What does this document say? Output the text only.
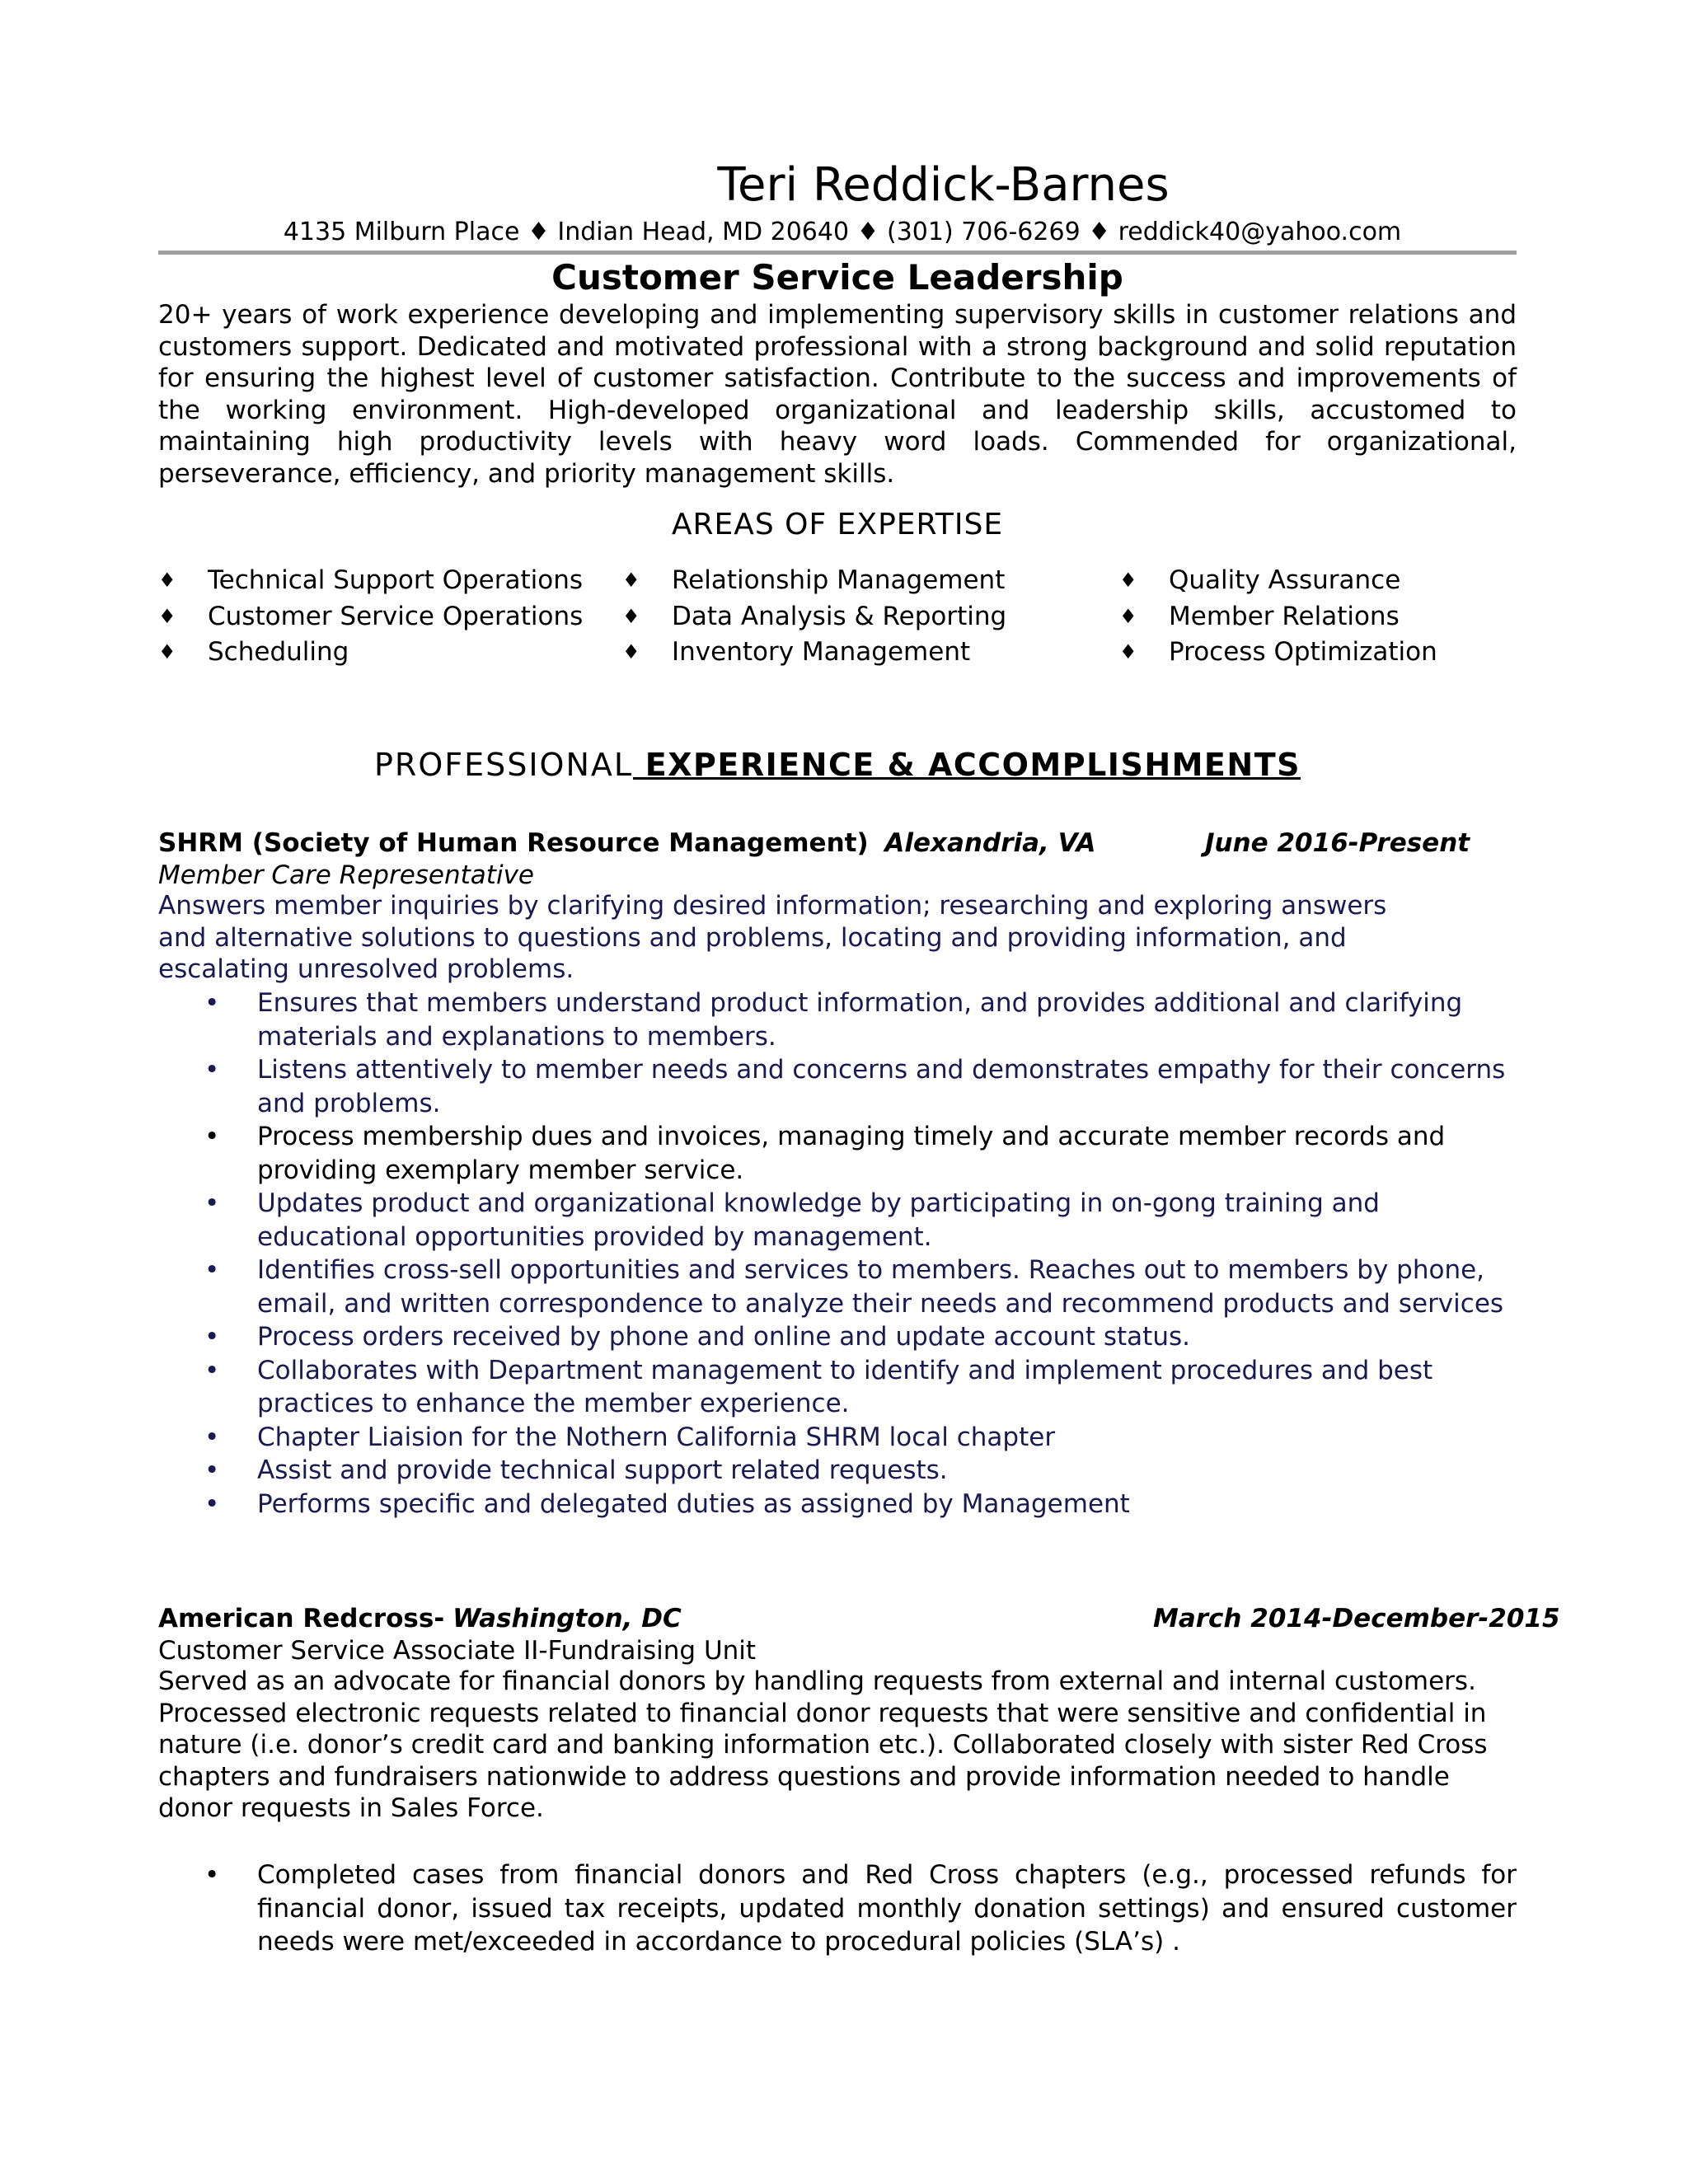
Teri Reddick-Barnes
4135 Milburn Place ♦ Indian Head, MD 20640 ♦ (301) 706-6269 ♦ reddick40@yahoo.com
Customer Service Leadership
20+ years of work experience developing and implementing supervisory skills in customer relations and customers support. Dedicated and motivated professional with a strong background and solid reputation for ensuring the highest level of customer satisfaction. Contribute to the success and improvements of the working environment. High-developed organizational and leadership skills, accustomed to maintaining high productivity levels with heavy word loads. Commended for organizational, perseverance, efficiency, and priority management skills.
AREAS OF EXPERTISE
♦ Technical Support Operations
♦ Customer Service Operations
♦ Scheduling
♦ Relationship Management
♦ Data Analysis & Reporting
♦ Inventory Management
♦ Quality Assurance
♦ Member Relations
♦ Process Optimization
PROFESSIONAL EXPERIENCE & ACCOMPLISHMENTS
SHRM (Society of Human Resource Management) Alexandria, VA	June 2016-Present
Member Care Representative
Answers member inquiries by clarifying desired information; researching and exploring answers and alternative solutions to questions and problems, locating and providing information, and escalating unresolved problems.
• Ensures that members understand product information, and provides additional and clarifying materials and explanations to members.
• Listens attentively to member needs and concerns and demonstrates empathy for their concerns and problems.
• Process membership dues and invoices, managing timely and accurate member records and providing exemplary member service.
• Updates product and organizational knowledge by participating in on-gong training and educational opportunities provided by management.
• Identifies cross-sell opportunities and services to members. Reaches out to members by phone, email, and written correspondence to analyze their needs and recommend products and services
• Process orders received by phone and online and update account status.
• Collaborates with Department management to identify and implement procedures and best practices to enhance the member experience.
• Chapter Liaision for the Nothern California SHRM local chapter
• Assist and provide technical support related requests.
• Performs specific and delegated duties as assigned by Management
American Redcross- Washington, DC	March 2014-December-2015
Customer Service Associate II-Fundraising Unit
Served as an advocate for financial donors by handling requests from external and internal customers. Processed electronic requests related to financial donor requests that were sensitive and confidential in nature (i.e. donor’s credit card and banking information etc.). Collaborated closely with sister Red Cross chapters and fundraisers nationwide to address questions and provide information needed to handle donor requests in Sales Force.
• Completed cases from financial donors and Red Cross chapters (e.g., processed refunds for financial donor, issued tax receipts, updated monthly donation settings) and ensured customer needs were met/exceeded in accordance to procedural policies (SLA’s) .
